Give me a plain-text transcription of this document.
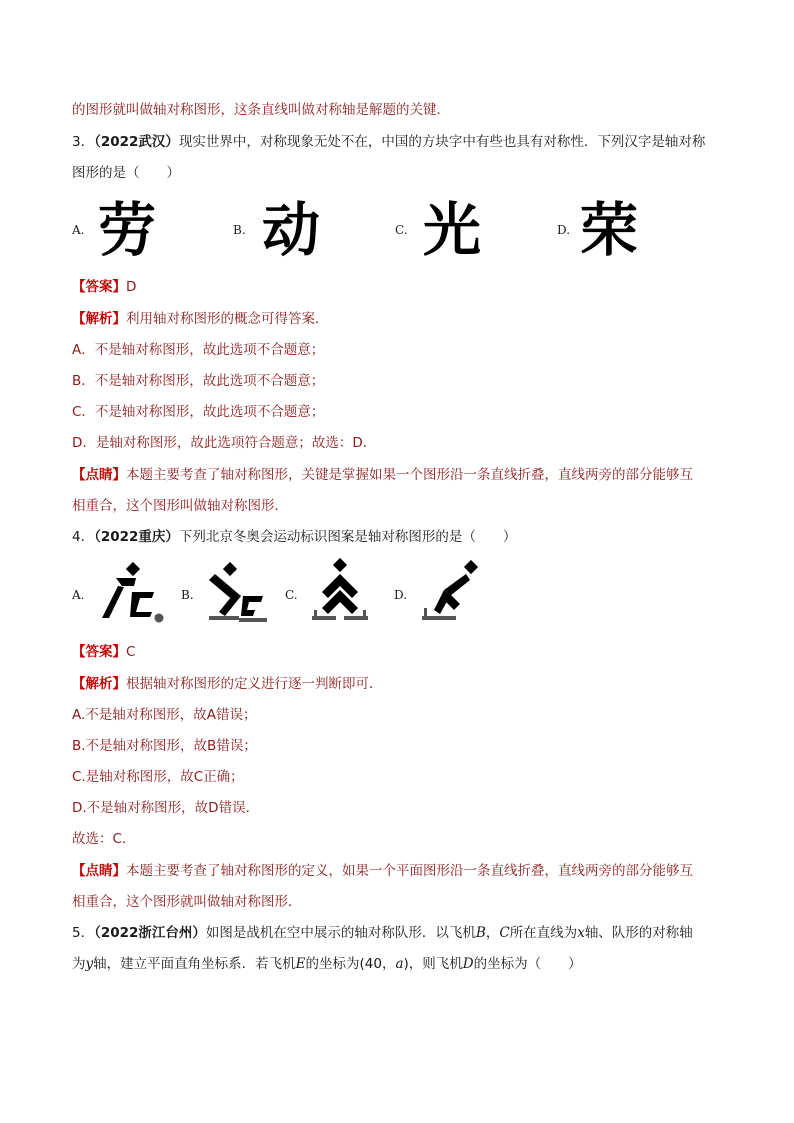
的图形就叫做轴对称图形，这条直线叫做对称轴是解题的关键．
3．（2022武汉）现实世界中，对称现象无处不在，中国的方块字中有些也具有对称性．下列汉字是轴对称
图形的是（　　）
A. 劳	B. 动	C. 光	D. 荣
【答案】D
【解析】利用轴对称图形的概念可得答案．
A．不是轴对称图形，故此选项不合题意；
B．不是轴对称图形，故此选项不合题意；
C．不是轴对称图形，故此选项不合题意；
D．是轴对称图形，故此选项符合题意；故选：D．
【点睛】本题主要考查了轴对称图形，关键是掌握如果一个图形沿一条直线折叠，直线两旁的部分能够互
相重合，这个图形叫做轴对称图形．
4．（2022重庆）下列北京冬奥会运动标识图案是轴对称图形的是（　　）
A.	B.	C.	D.
【答案】C
【解析】根据轴对称图形的定义进行逐一判断即可．
A.不是轴对称图形，故A错误；
B.不是轴对称图形，故B错误；
C.是轴对称图形，故C正确；
D.不是轴对称图形，故D错误．
故选：C．
【点睛】本题主要考查了轴对称图形的定义，如果一个平面图形沿一条直线折叠，直线两旁的部分能够互
相重合，这个图形就叫做轴对称图形．
5．（2022浙江台州）如图是战机在空中展示的轴对称队形．以飞机B，C所在直线为x轴、队形的对称轴
为y轴，建立平面直角坐标系．若飞机E的坐标为(40，a)，则飞机D的坐标为（　　）
